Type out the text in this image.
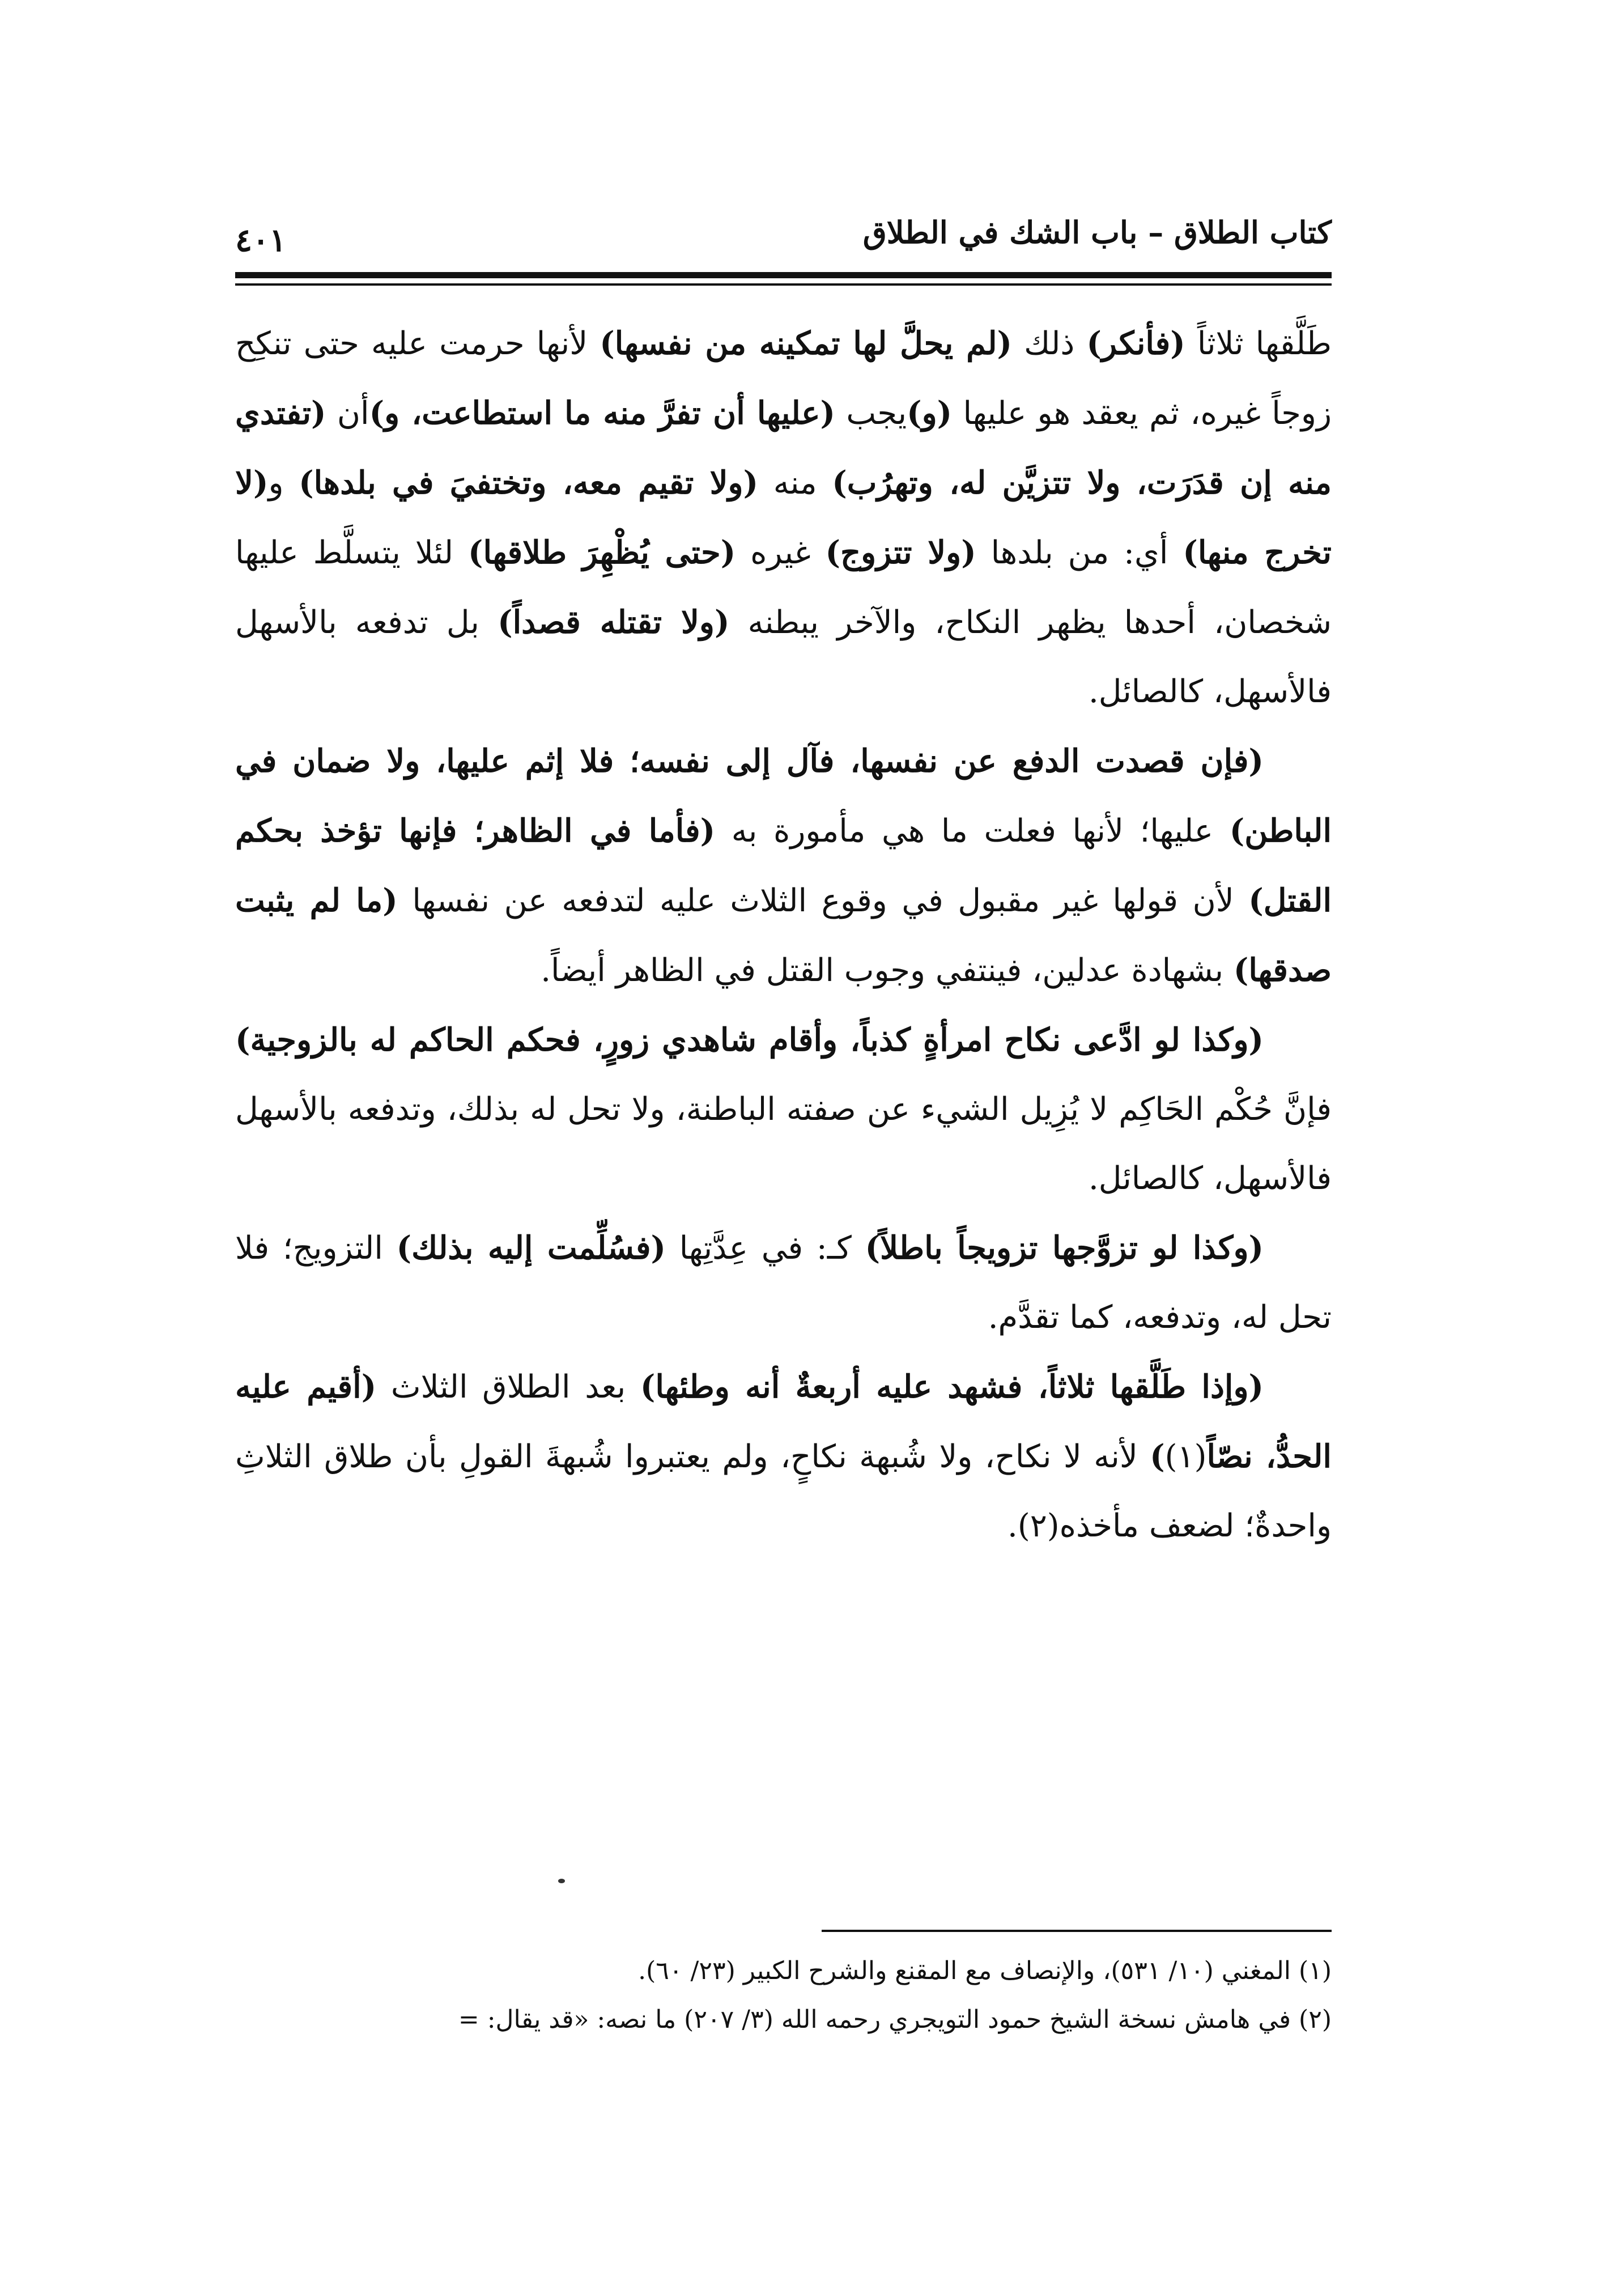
كتاب الطلاق – باب الشك في الطلاق
٤٠١

طَلَّقها ثلاثاً (فأنكر) ذلك (لم يحلَّ لها تمكينه من نفسها) لأنها حرمت عليه حتى تنكِح زوجاً غيره، ثم يعقد هو عليها (و)يجب (عليها أن تفرَّ منه ما استطاعت، و)أن (تفتدي منه إن قدَرَت، ولا تتزيَّن له، وتهرُب) منه (ولا تقيم معه، وتختفيَ في بلدها) و(لا تخرج منها) أي: من بلدها (ولا تتزوج) غيره (حتى يُظْهِرَ طلاقها) لئلا يتسلَّط عليها شخصان، أحدها يظهر النكاح، والآخر يبطنه (ولا تقتله قصداً) بل تدفعه بالأسهل فالأسهل، كالصائل.

(فإن قصدت الدفع عن نفسها، فآل إلى نفسه؛ فلا إثم عليها، ولا ضمان في الباطن) عليها؛ لأنها فعلت ما هي مأمورة به (فأما في الظاهر؛ فإنها تؤخذ بحكم القتل) لأن قولها غير مقبول في وقوع الثلاث عليه لتدفعه عن نفسها (ما لم يثبت صدقها) بشهادة عدلين، فينتفي وجوب القتل في الظاهر أيضاً.

(وكذا لو ادَّعى نكاح امرأةٍ كذباً، وأقام شاهدي زورٍ، فحكم الحاكم له بالزوجية) فإنَّ حُكْم الحَاكِم لا يُزِيل الشيء عن صفته الباطنة، ولا تحل له بذلك، وتدفعه بالأسهل فالأسهل، كالصائل.

(وكذا لو تزوَّجها تزويجاً باطلاً) كـ: في عِدَّتِها (فسُلِّمت إليه بذلك) التزويج؛ فلا تحل له، وتدفعه، كما تقدَّم.

(وإذا طَلَّقها ثلاثاً، فشهد عليه أربعةٌ أنه وطئها) بعد الطلاق الثلاث (أقيم عليه الحدُّ، نصّاً(١)) لأنه لا نكاح، ولا شُبهة نكاحٍ، ولم يعتبروا شُبهةَ القولِ بأن طلاق الثلاثِ واحدةٌ؛ لضعف مأخذه(٢).

(١) المغني (١٠/ ٥٣١)، والإنصاف مع المقنع والشرح الكبير (٢٣/ ٦٠).

(٢) في هامش نسخة الشيخ حمود التويجري رحمه الله (٣/ ٢٠٧) ما نصه: «قد يقال: =
